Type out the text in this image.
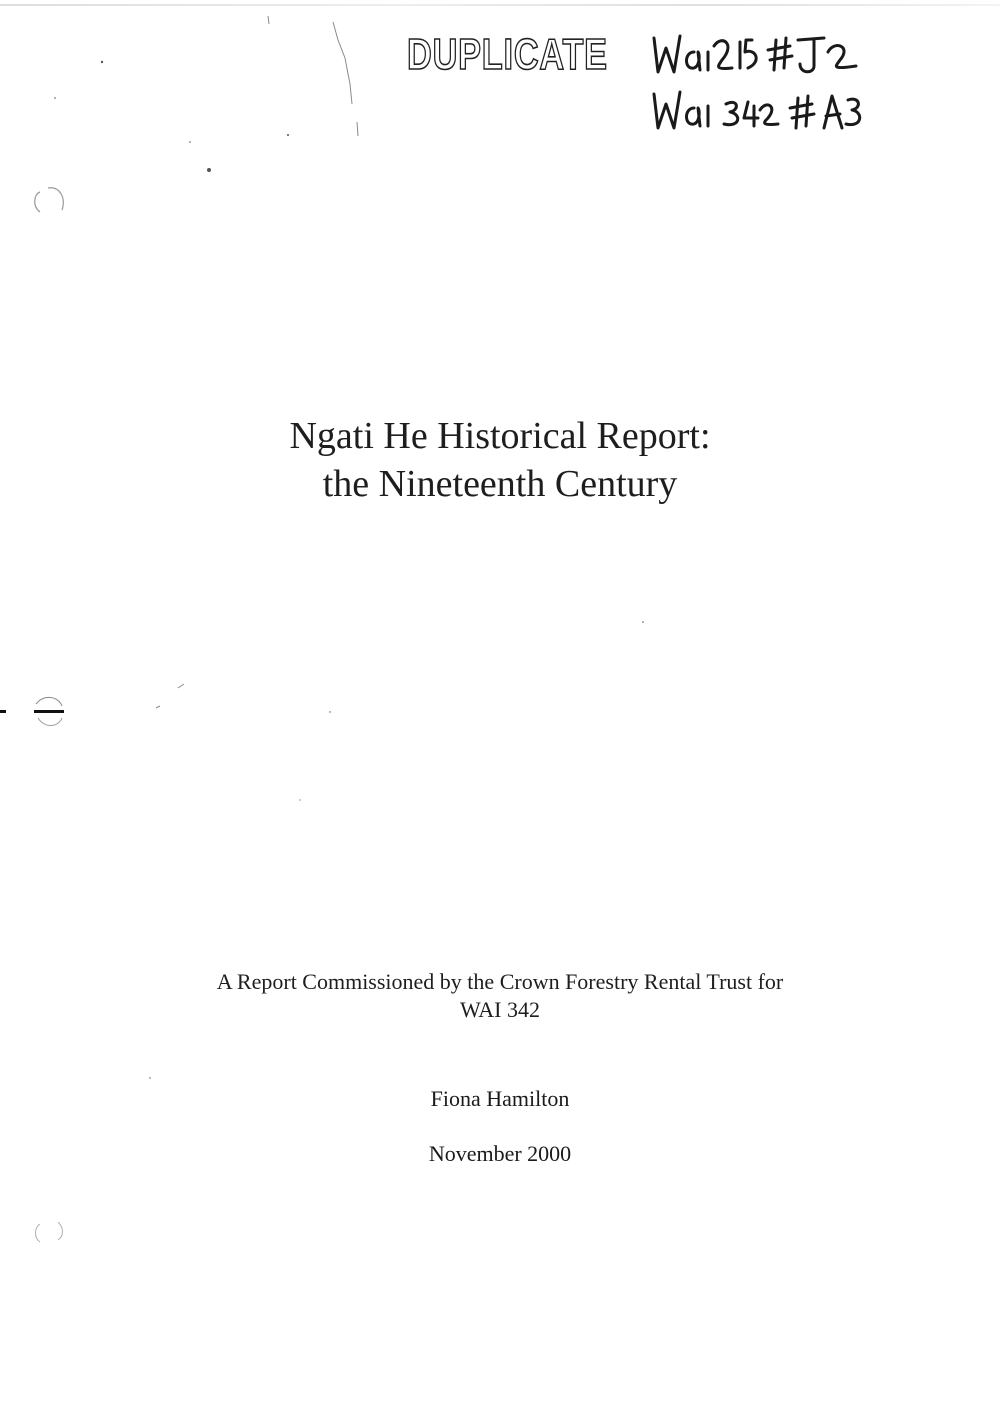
DUPLICATE
Ngati He Historical Report:
the Nineteenth Century
A Report Commissioned by the Crown Forestry Rental Trust for
WAI 342
Fiona Hamilton
November 2000
